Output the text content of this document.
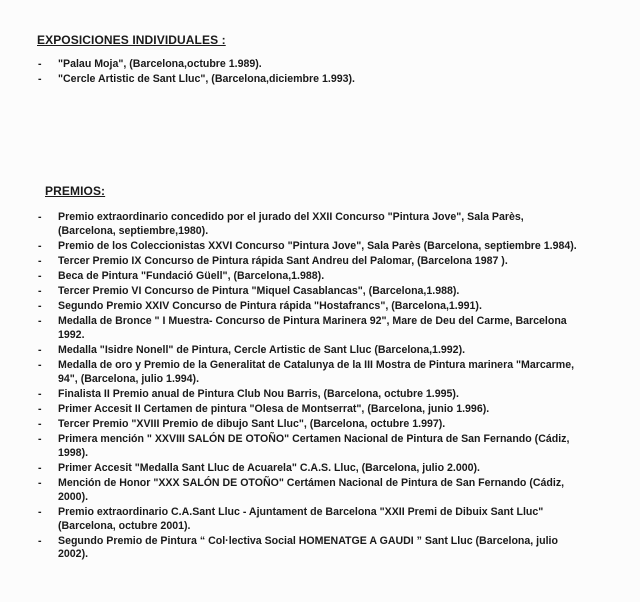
EXPOSICIONES INDIVIDUALES :
- "Palau Moja", (Barcelona,octubre 1.989).
- "Cercle Artistic de Sant Lluc", (Barcelona,diciembre 1.993).
PREMIOS:
- Premio extraordinario concedido por el jurado del XXII Concurso "Pintura Jove", Sala Parès, (Barcelona, septiembre,1980).
- Premio de los Coleccionistas XXVI Concurso "Pintura Jove", Sala Parès (Barcelona, septiembre 1.984).
- Tercer Premio IX Concurso de Pintura rápida Sant Andreu del Palomar, (Barcelona 1987 ).
- Beca de Pintura "Fundació Güell", (Barcelona,1.988).
- Tercer Premio VI Concurso de Pintura "Miquel Casablancas", (Barcelona,1.988).
- Segundo Premio XXIV Concurso de Pintura rápida "Hostafrancs", (Barcelona,1.991).
- Medalla de Bronce " I Muestra- Concurso de Pintura Marinera 92", Mare de Deu del Carme, Barcelona 1992.
- Medalla "Isidre Nonell" de Pintura, Cercle Artistic de Sant Lluc (Barcelona,1.992).
- Medalla de oro y Premio de la Generalitat de Catalunya de la III Mostra de Pintura marinera "Marcarme, 94", (Barcelona, julio 1.994).
- Finalista II Premio anual de Pintura Club Nou Barris, (Barcelona, octubre 1.995).
- Primer Accesit II Certamen de pintura "Olesa de Montserrat", (Barcelona, junio 1.996).
- Tercer Premio "XVIII Premio de dibujo Sant Lluc", (Barcelona, octubre 1.997).
- Primera mención " XXVIII SALÓN DE OTOÑO" Certamen Nacional de Pintura de San Fernando (Cádiz, 1998).
- Primer Accesit "Medalla Sant Lluc de Acuarela" C.A.S. Lluc, (Barcelona, julio 2.000).
- Mención de Honor "XXX SALÓN DE OTOÑO" Certámen Nacional de Pintura de San Fernando (Cádiz, 2000).
- Premio extraordinario C.A.Sant Lluc - Ajuntament de Barcelona "XXII Premi de Dibuix Sant Lluc" (Barcelona, octubre 2001).
- Segundo Premio de Pintura “ Col·lectiva Social HOMENATGE A GAUDI ” Sant Lluc (Barcelona, julio 2002).
